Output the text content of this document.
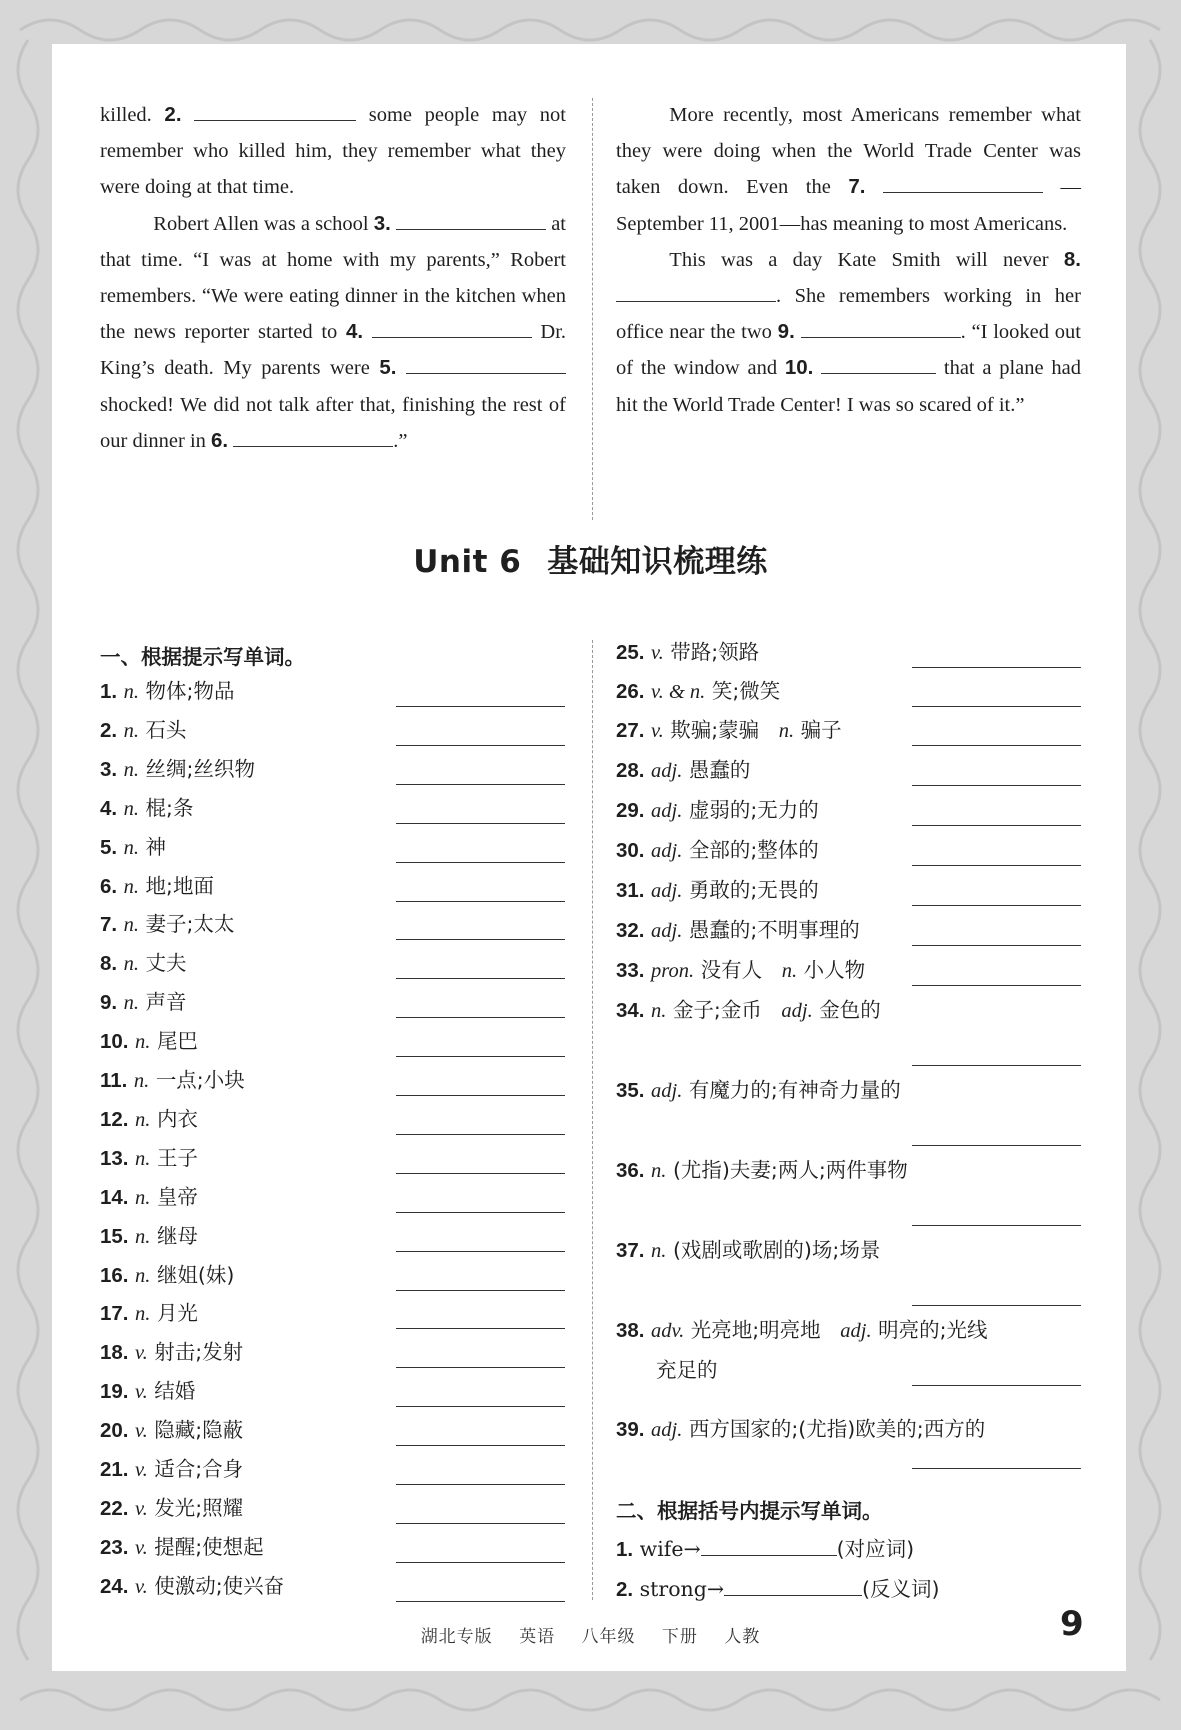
killed. 2.	some people may not remember who killed him, they remember what they were doing at that time.

Robert Allen was a school 3.	at that time. “I was at home with my parents,” Robert remembers. “We were eating dinner in the kitchen when the news reporter started to 4.	Dr. King’s death. My parents were 5.  shocked! We did not talk after that, finishing the rest of our dinner in 6.	.”

More recently, most Americans remember what they were doing when the World Trade Center was taken down. Even the 7.	—September 11, 2001—has meaning to most Americans.

This was a day Kate Smith will never 8. . She remembers working in her office near the two 9.	. “I looked out of the window and 10.	that a plane had hit the World Trade Center! I was so scared of it.”

Unit 6 基础知识梳理练
一、根据提示写单词。
1. n. 物体;物品
2. n. 石头
3. n. 丝绸;丝织物
4. n. 棍;条
5. n. 神
6. n. 地;地面
7. n. 妻子;太太
8. n. 丈夫
9. n. 声音
10. n. 尾巴
11. n. 一点;小块
12. n. 内衣
13. n. 王子
14. n. 皇帝
15. n. 继母
16. n. 继姐(妹)
17. n. 月光
18. v. 射击;发射
19. v. 结婚
20. v. 隐藏;隐蔽
21. v. 适合;合身
22. v. 发光;照耀
23. v. 提醒;使想起
24. v. 使激动;使兴奋
25. v. 带路;领路
26. v. & n. 笑;微笑
27. v. 欺骗;蒙骗 n. 骗子
28. adj. 愚蠢的
29. adj. 虚弱的;无力的
30. adj. 全部的;整体的
31. adj. 勇敢的;无畏的
32. adj. 愚蠢的;不明事理的
33. pron. 没有人 n. 小人物
34. n. 金子;金币 adj. 金色的
35. adj. 有魔力的;有神奇力量的
36. n. (尤指)夫妻;两人;两件事物
37. n. (戏剧或歌剧的)场;场景
38. adv. 光亮地;明亮地 adj. 明亮的;光线
充足的
39. adj. 西方国家的;(尤指)欧美的;西方的
二、根据括号内提示写单词。
1. wife→	(对应词)
2. strong→	(反义词)
湖北专版 英语 八年级 下册 人教	9
